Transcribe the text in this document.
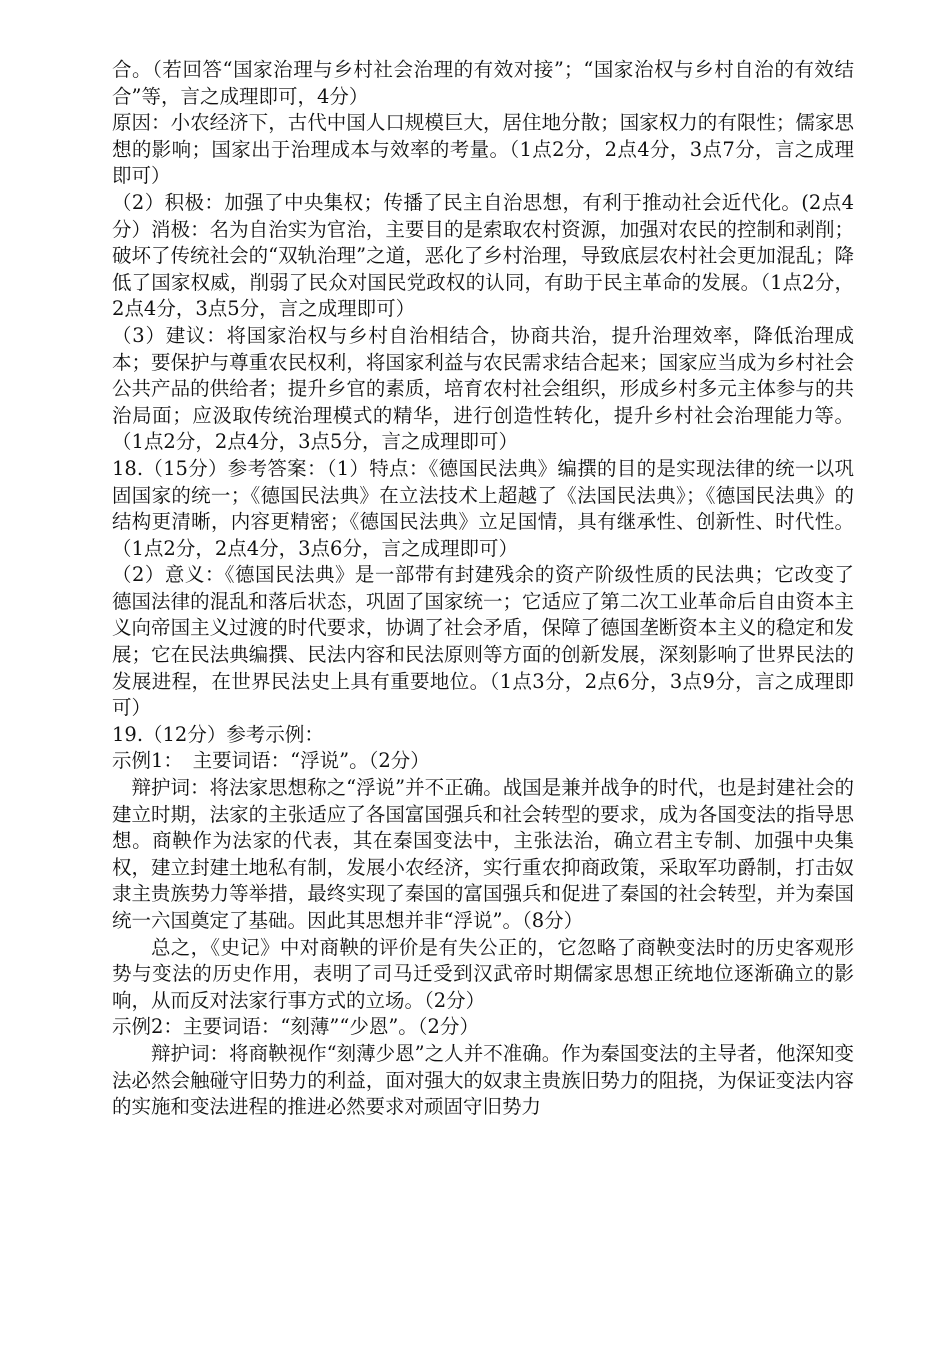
合。（若回答“国家治理与乡村社会治理的有效对接”；“国家治权与乡村自治的有效结合”等，言之成理即可，4分）

原因：小农经济下，古代中国人口规模巨大，居住地分散；国家权力的有限性；儒家思想的影响；国家出于治理成本与效率的考量。（1点2分，2点4分，3点7分，言之成理即可）

（2）积极：加强了中央集权；传播了民主自治思想，有利于推动社会近代化。(2点4分）消极：名为自治实为官治，主要目的是索取农村资源，加强对农民的控制和剥削；破坏了传统社会的“双轨治理”之道，恶化了乡村治理，导致底层农村社会更加混乱；降低了国家权威，削弱了民众对国民党政权的认同，有助于民主革命的发展。（1点2分，2点4分，3点5分，言之成理即可）

（3）建议：将国家治权与乡村自治相结合，协商共治，提升治理效率，降低治理成本；要保护与尊重农民权利，将国家利益与农民需求结合起来；国家应当成为乡村社会公共产品的供给者；提升乡官的素质，培育农村社会组织，形成乡村多元主体参与的共治局面；应汲取传统治理模式的精华，进行创造性转化，提升乡村社会治理能力等。（1点2分，2点4分，3点5分，言之成理即可）

18.（15分）参考答案：（1）特点：《德国民法典》编撰的目的是实现法律的统一以巩固国家的统一；《德国民法典》在立法技术上超越了《法国民法典》；《德国民法典》的结构更清晰，内容更精密；《德国民法典》立足国情，具有继承性、创新性、时代性。（1点2分，2点4分，3点6分，言之成理即可）

（2）意义：《德国民法典》是一部带有封建残余的资产阶级性质的民法典；它改变了德国法律的混乱和落后状态，巩固了国家统一；它适应了第二次工业革命后自由资本主义向帝国主义过渡的时代要求，协调了社会矛盾，保障了德国垄断资本主义的稳定和发展；它在民法典编撰、民法内容和民法原则等方面的创新发展，深刻影响了世界民法的发展进程，在世界民法史上具有重要地位。（1点3分，2点6分，3点9分，言之成理即可）

19.（12分）参考示例：

示例1：　主要词语：“浮说”。（2分）

辩护词：将法家思想称之“浮说”并不正确。战国是兼并战争的时代，也是封建社会的建立时期，法家的主张适应了各国富国强兵和社会转型的要求，成为各国变法的指导思想。商鞅作为法家的代表，其在秦国变法中，主张法治，确立君主专制、加强中央集权，建立封建土地私有制，发展小农经济，实行重农抑商政策，采取军功爵制，打击奴隶主贵族势力等举措，最终实现了秦国的富国强兵和促进了秦国的社会转型，并为秦国统一六国奠定了基础。因此其思想并非“浮说”。（8分）

总之，《史记》中对商鞅的评价是有失公正的，它忽略了商鞅变法时的历史客观形势与变法的历史作用，表明了司马迁受到汉武帝时期儒家思想正统地位逐渐确立的影响，从而反对法家行事方式的立场。（2分）

示例2：主要词语：“刻薄”“少恩”。（2分）

辩护词：将商鞅视作“刻薄少恩”之人并不准确。作为秦国变法的主导者，他深知变法必然会触碰守旧势力的利益，面对强大的奴隶主贵族旧势力的阻挠，为保证变法内容的实施和变法进程的推进必然要求对顽固守旧势力
